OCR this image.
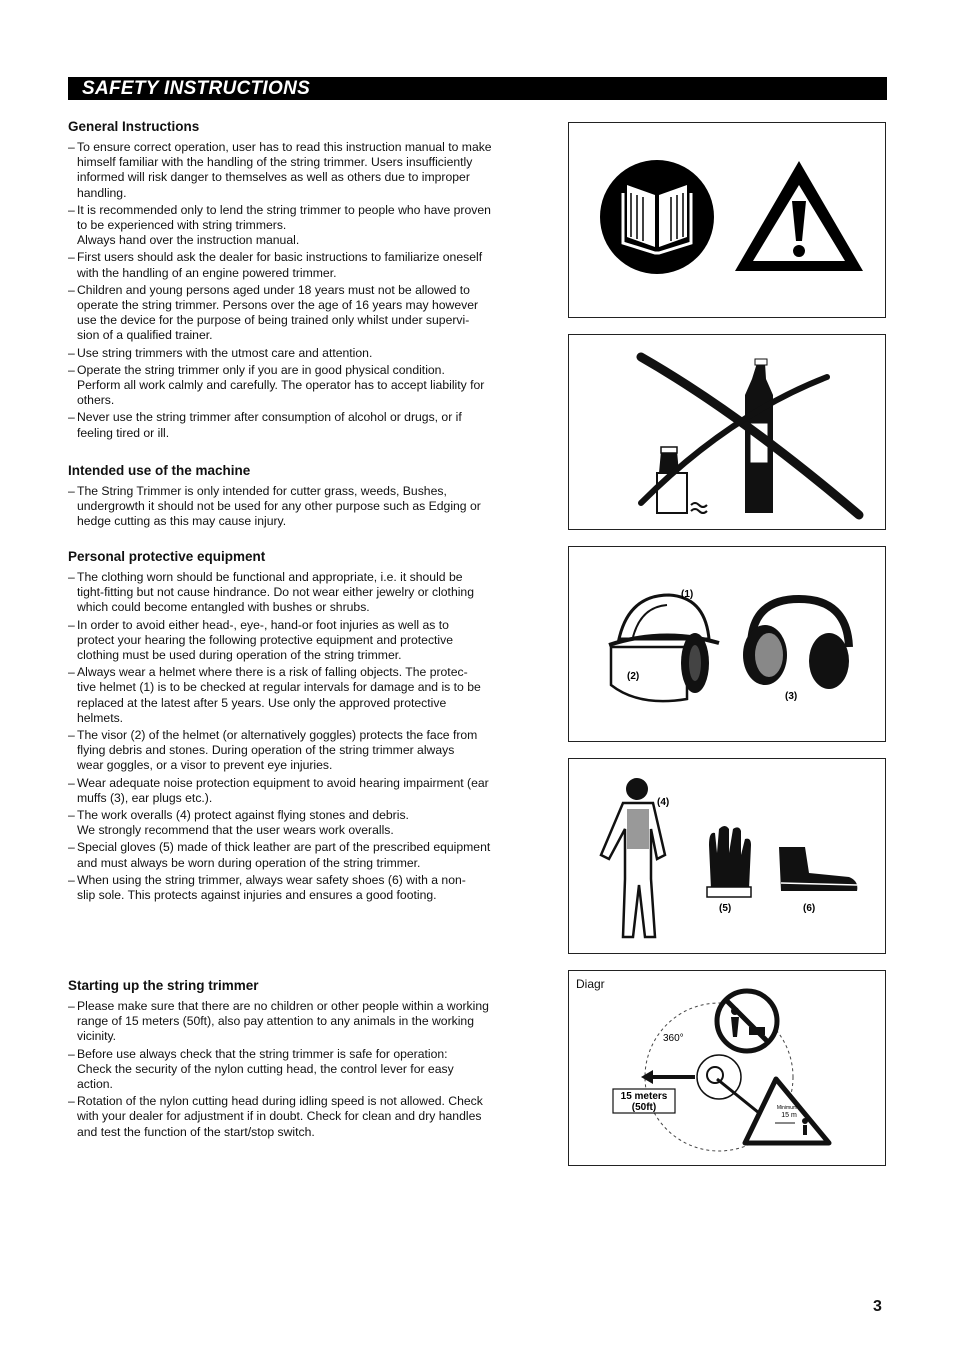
SAFETY INSTRUCTIONS
General Instructions
– To ensure correct operation, user has to read this instruction manual to make
himself familiar with the handling of the string trimmer. Users insufficiently
informed will risk danger to themselves as well as others due to improper
handling.
– It is recommended only to lend the string trimmer to people who have proven
to be experienced with string trimmers.
Always hand over the instruction manual.
– First users should ask the dealer for basic instructions to familiarize oneself
with the handling of an engine powered trimmer.
– Children and young persons aged under 18 years must not be allowed to
operate the string trimmer. Persons over the age of 16 years may however
use the device for the purpose of being trained only whilst under supervi-
sion of a qualified trainer.
– Use string trimmers with the utmost care and attention.
– Operate the string trimmer only if you are in good physical condition.
Perform all work calmly and carefully. The operator has to accept liability for
others.
– Never use the string trimmer after consumption of alcohol or drugs, or if
feeling tired or ill.
Intended use of the machine
– The String Trimmer is only intended for cutter grass, weeds, Bushes,
undergrowth it should not be used for any other purpose such as Edging or
hedge cutting as this may cause injury.
Personal protective equipment
– The clothing worn should be functional and appropriate, i.e. it should be
tight-fitting but not cause hindrance. Do not wear either jewelry or clothing
which could become entangled with bushes or shrubs.
– In order to avoid either head-, eye-, hand-or foot injuries as well as to
protect your hearing the following protective equipment and protective
clothing must be used during operation of the string trimmer.
– Always wear a helmet where there is a risk of falling objects. The protec-
tive helmet (1) is to be checked at regular intervals for damage and is to be
replaced at the latest after 5 years. Use only the approved protective
helmets.
– The visor (2) of the helmet (or alternatively goggles) protects the face from
flying debris and stones. During operation of the string trimmer always
wear goggles, or a visor to prevent eye injuries.
– Wear adequate noise protection equipment to avoid hearing impairment (ear
muffs (3), ear plugs etc.).
– The work overalls (4) protect against flying stones and debris.
We strongly recommend that the user wears work overalls.
– Special gloves (5) made of thick leather are part of the prescribed equipment
and must always be worn during operation of the string trimmer.
– When using the string trimmer, always wear safety shoes (6) with a non-
slip sole. This protects against injuries and ensures a good footing.
Starting up the string trimmer
– Please make sure that there are no children or other people within a working
range of 15 meters (50ft), also pay attention to any animals in the working
vicinity.
– Before use always check that the string trimmer is safe for operation:
Check the security of the nylon cutting head, the control lever for easy
action.
– Rotation of the nylon cutting head during idling speed is not allowed. Check
with your dealer for adjustment if in doubt. Check for clean and dry handles
and test the function of the start/stop switch.
(1)
(2)
(3)
(4)
(5)	(6)
Diagr
360°
15 meters
(50ft)	Minimum
15 m
3
